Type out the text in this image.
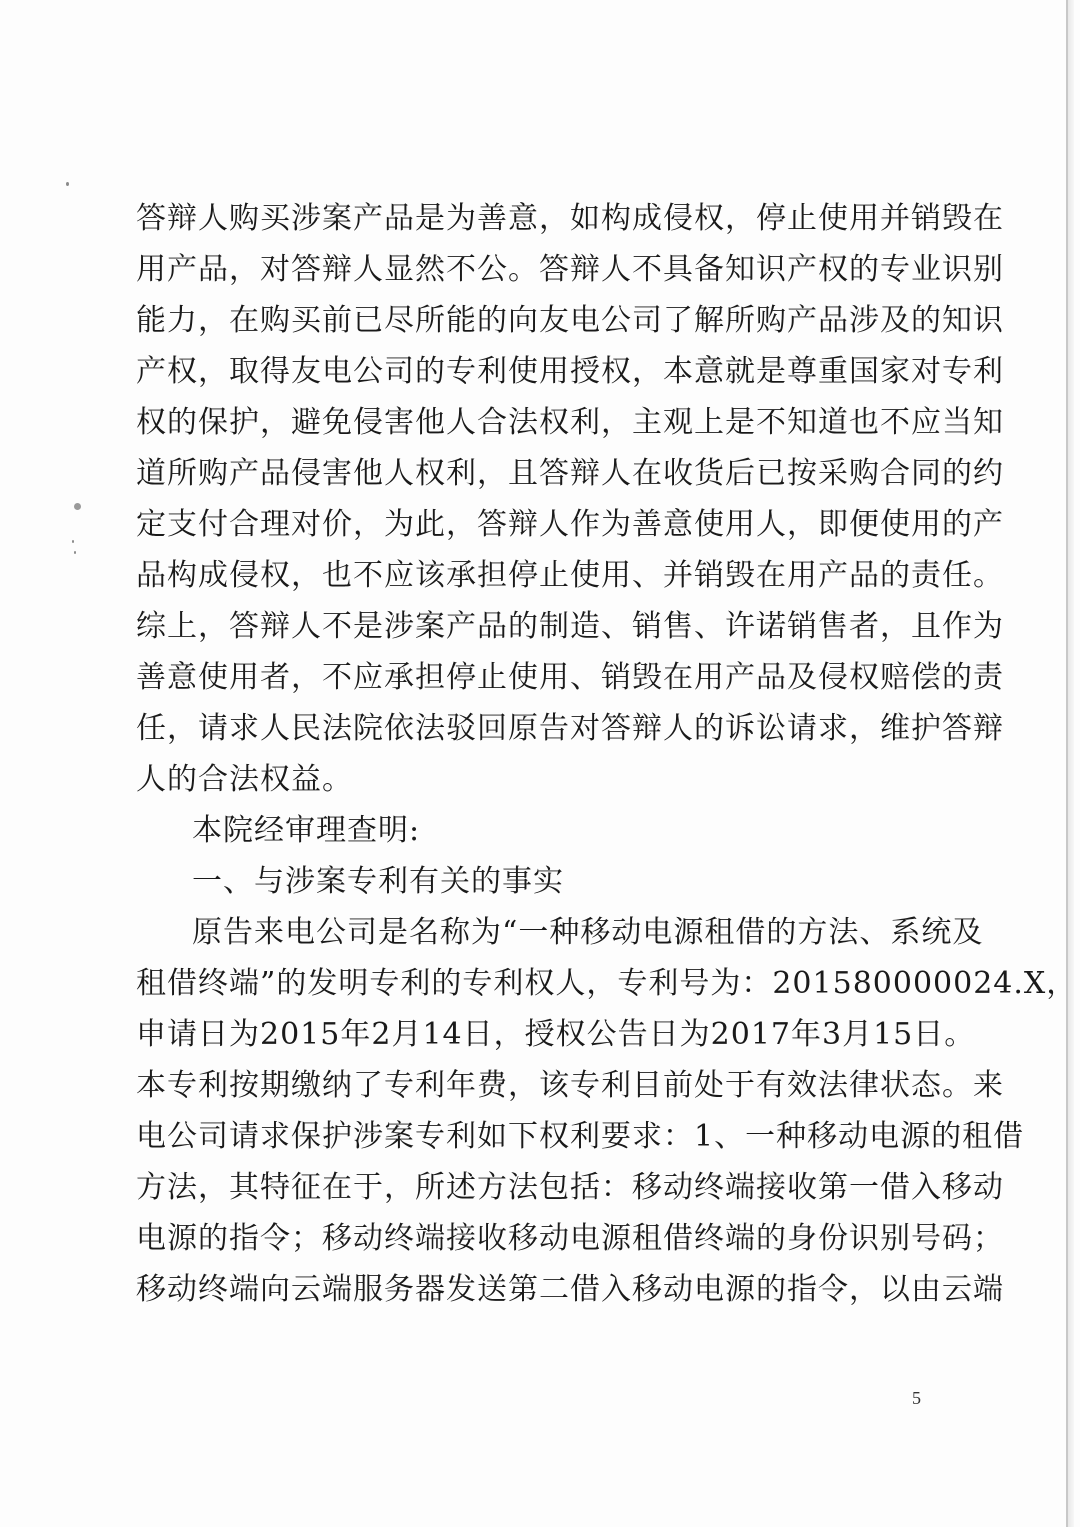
答 辩 人 购 买 涉 案 产 品 是 为 善 意 ， 如 构 成 侵 权 ， 停 止 使 用 并 销 毁 在
用 产 品 ， 对 答 辩 人 显 然 不 公 。 答 辩 人 不 具 备 知 识 产 权 的 专 业 识 别
能 力 ， 在 购 买 前 已 尽 所 能 的 向 友 电 公 司 了 解 所 购 产 品 涉 及 的 知 识
产 权 ， 取 得 友 电 公 司 的 专 利 使 用 授 权 ， 本 意 就 是 尊 重 国 家 对 专 利
权 的 保 护 ， 避 免 侵 害 他 人 合 法 权 利 ， 主 观 上 是 不 知 道 也 不 应 当 知
道 所 购 产 品 侵 害 他 人 权 利 ， 且 答 辩 人 在 收 货 后 已 按 采 购 合 同 的 约
定 支 付 合 理 对 价 ， 为 此 ， 答 辩 人 作 为 善 意 使 用 人 ， 即 便 使 用 的 产
品 构 成 侵 权 ， 也 不 应 该 承 担 停 止 使 用 、 并 销 毁 在 用 产 品 的 责 任 。
综 上 ， 答 辩 人 不 是 涉 案 产 品 的 制 造 、 销 售 、 许 诺 销 售 者 ， 且 作 为
善 意 使 用 者 ， 不 应 承 担 停 止 使 用 、 销 毁 在 用 产 品 及 侵 权 赔 偿 的 责
任 ， 请 求 人 民 法 院 依 法 驳 回 原 告 对 答 辩 人 的 诉 讼 请 求 ， 维 护 答 辩
人的合法权益。
本院经审理查明:
一、与涉案专利有关的事实
原 告 来 电 公 司 是 名 称 为 “ 一 种 移 动 电 源 租 借 的 方 法 、 系 统 及
租 借 终 端 ” 的 发 明 专 利 的 专 利 权 人 ， 专 利 号 为 ： 201580000024.X ，
申 请 日 为 2015 年 2 月 14 日 ， 授 权 公 告 日 为 2017 年 3 月 15 日 。
本 专 利 按 期 缴 纳 了 专 利 年 费 ， 该 专 利 目 前 处 于 有 效 法 律 状 态 。 来
电 公 司 请 求 保 护 涉 案 专 利 如 下 权 利 要 求 ： 1 、 一 种 移 动 电 源 的 租 借
方 法 ， 其 特 征 在 于 ， 所 述 方 法 包 括 ： 移 动 终 端 接 收 第 一 借 入 移 动
电 源 的 指 令 ； 移 动 终 端 接 收 移 动 电 源 租 借 终 端 的 身 份 识 别 号 码 ；
移 动 终 端 向 云 端 服 务 器 发 送 第 二 借 入 移 动 电 源 的 指 令 ， 以 由 云 端
5
